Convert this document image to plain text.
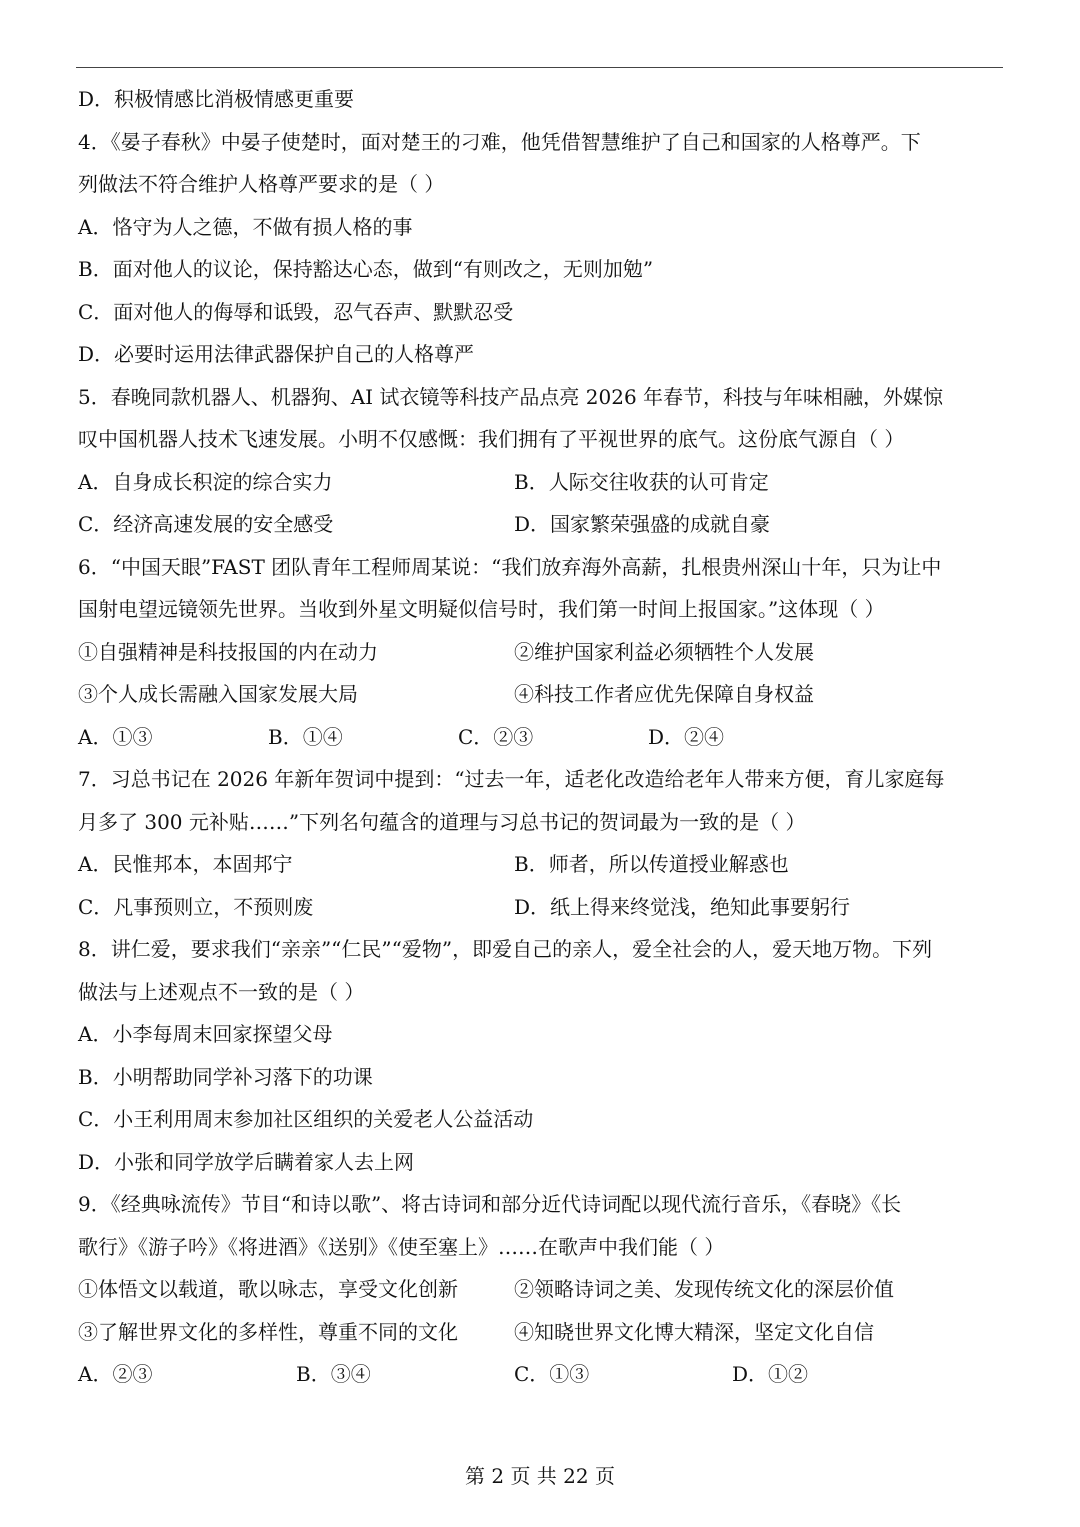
D．积极情感比消极情感更重要
4．《晏子春秋》中晏子使楚时，面对楚王的刁难，他凭借智慧维护了自己和国家的人格尊严。下
列做法不符合维护人格尊严要求的是（ ）
A．恪守为人之德，不做有损人格的事
B．面对他人的议论，保持豁达心态，做到“有则改之，无则加勉”
C．面对他人的侮辱和诋毁，忍气吞声、默默忍受
D．必要时运用法律武器保护自己的人格尊严
5．春晚同款机器人、机器狗、AI 试衣镜等科技产品点亮 2026 年春节，科技与年味相融，外媒惊
叹中国机器人技术飞速发展。小明不仅感慨：我们拥有了平视世界的底气。这份底气源自（ ）
A．自身成长积淀的综合实力	B．人际交往收获的认可肯定
C．经济高速发展的安全感受	D．国家繁荣强盛的成就自豪
6．“中国天眼”FAST 团队青年工程师周某说：“我们放弃海外高薪，扎根贵州深山十年，只为让中
国射电望远镜领先世界。当收到外星文明疑似信号时，我们第一时间上报国家。”这体现（ ）
①自强精神是科技报国的内在动力	②维护国家利益必须牺牲个人发展
③个人成长需融入国家发展大局	④科技工作者应优先保障自身权益
A．①③	B．①④	C．②③	D．②④
7．习总书记在 2026 年新年贺词中提到：“过去一年，适老化改造给老年人带来方便，育儿家庭每
月多了 300 元补贴……”下列名句蕴含的道理与习总书记的贺词最为一致的是（ ）
A．民惟邦本，本固邦宁	B．师者，所以传道授业解惑也
C．凡事预则立，不预则废	D．纸上得来终觉浅，绝知此事要躬行
8．讲仁爱，要求我们“亲亲”“仁民”“爱物”，即爱自己的亲人，爱全社会的人，爱天地万物。下列
做法与上述观点不一致的是（ ）
A．小李每周末回家探望父母
B．小明帮助同学补习落下的功课
C．小王利用周末参加社区组织的关爱老人公益活动
D．小张和同学放学后瞒着家人去上网
9．《经典咏流传》节目“和诗以歌”、将古诗词和部分近代诗词配以现代流行音乐，《春晓》《长
歌行》《游子吟》《将进酒》《送别》《使至塞上》……在歌声中我们能（ ）
①体悟文以载道，歌以咏志，享受文化创新	②领略诗词之美、发现传统文化的深层价值
③了解世界文化的多样性，尊重不同的文化	④知晓世界文化博大精深，坚定文化自信
A．②③	B．③④	C．①③	D．①②
第 2 页 共 22 页
